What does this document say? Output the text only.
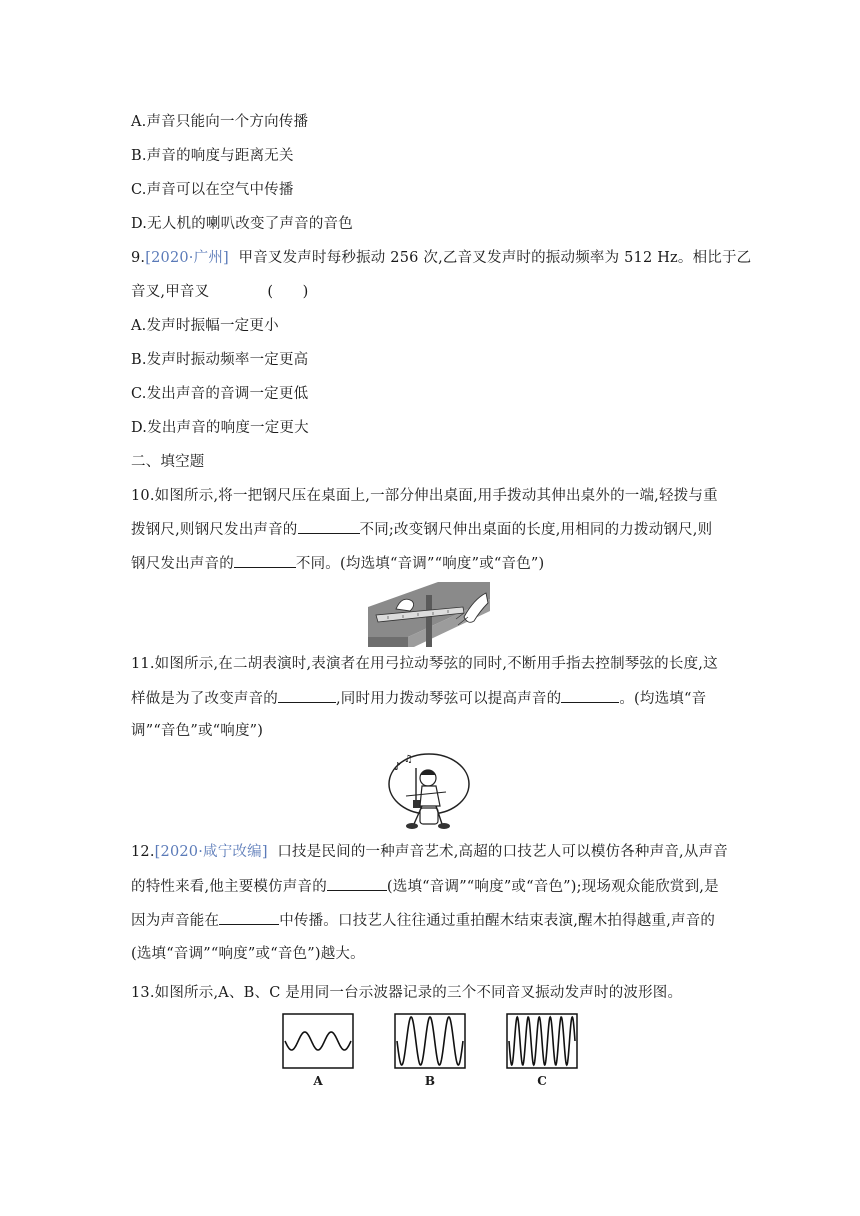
A.声音只能向一个方向传播
B.声音的响度与距离无关
C.声音可以在空气中传播
D.无人机的喇叭改变了声音的音色
9.[2020·广州] 甲音叉发声时每秒振动 256 次,乙音叉发声时的振动频率为 512 Hz。相比于乙
音叉,甲音叉	(　　)
A.发声时振幅一定更小
B.发声时振动频率一定更高
C.发出声音的音调一定更低
D.发出声音的响度一定更大
二、填空题
10.如图所示,将一把钢尺压在桌面上,一部分伸出桌面,用手拨动其伸出桌外的一端,轻拨与重
拨钢尺,则钢尺发出声音的	不同;改变钢尺伸出桌面的长度,用相同的力拨动钢尺,则
钢尺发出声音的	不同。(均选填“音调”“响度”或“音色”)
11.如图所示,在二胡表演时,表演者在用弓拉动琴弦的同时,不断用手指去控制琴弦的长度,这
样做是为了改变声音的	,同时用力拨动琴弦可以提高声音的	。(均选填“音
调”“音色”或“响度”)
♪
♫
12.[2020·咸宁改编] 口技是民间的一种声音艺术,高超的口技艺人可以模仿各种声音,从声音
的特性来看,他主要模仿声音的	(选填“音调”“响度”或“音色”);现场观众能欣赏到,是
因为声音能在	中传播。口技艺人往往通过重拍醒木结束表演,醒木拍得越重,声音的
(选填“音调”“响度”或“音色”)越大。
13.如图所示,A、B、C 是用同一台示波器记录的三个不同音叉振动发声时的波形图。
A	B	C
